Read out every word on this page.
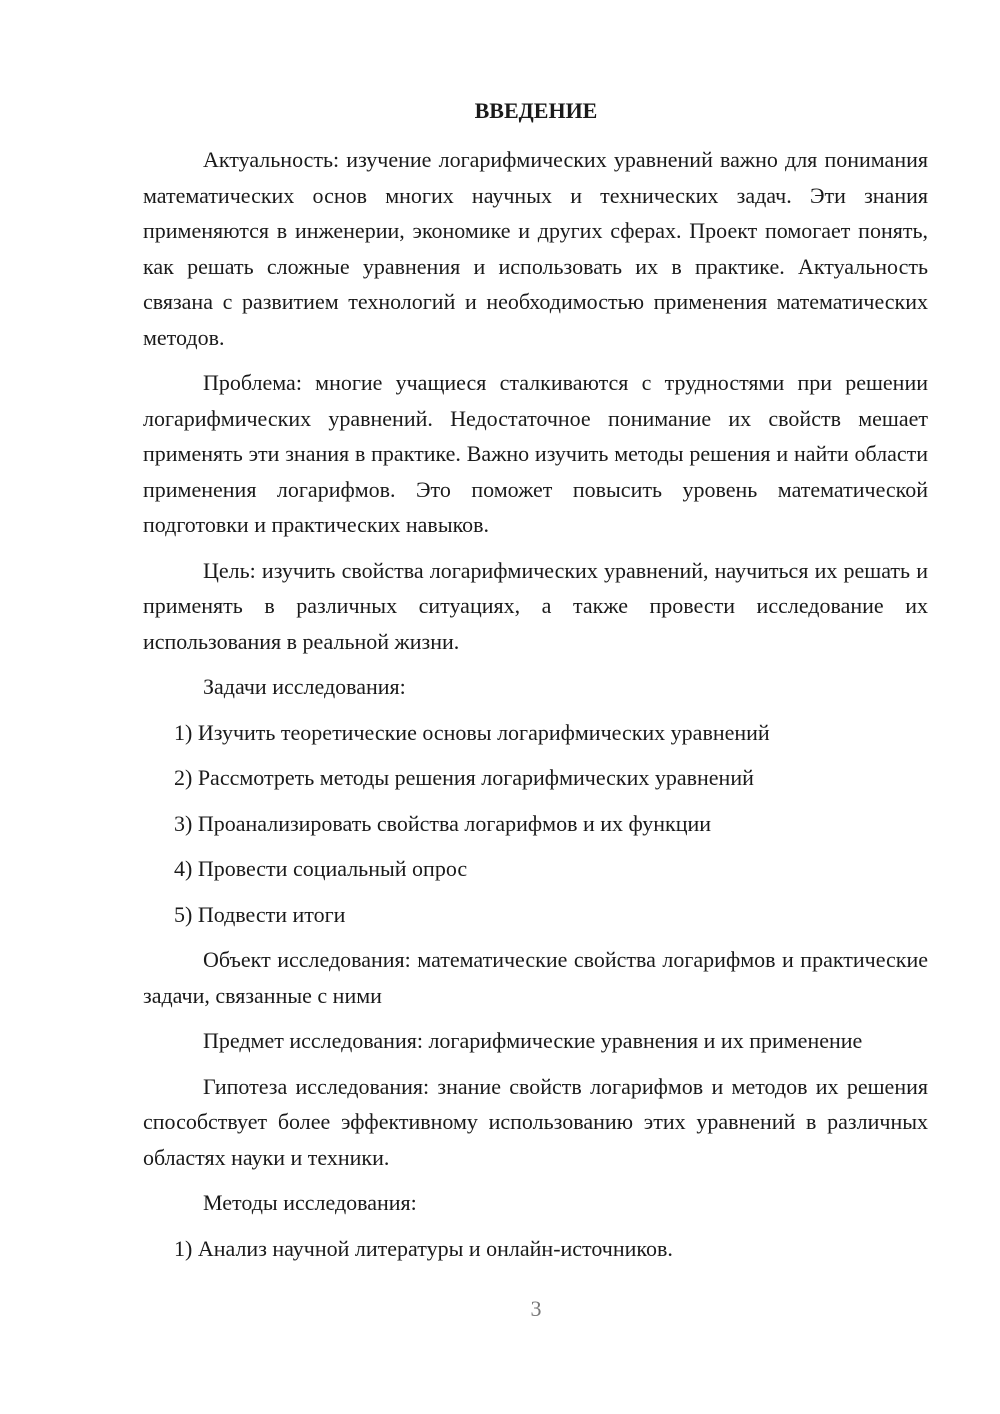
ВВЕДЕНИЕ

Актуальность: изучение логарифмических уравнений важно для понимания математических основ многих научных и технических задач. Эти знания применяются в инженерии, экономике и других сферах. Проект помогает понять, как решать сложные уравнения и использовать их в практике. Актуальность связана с развитием технологий и необходимостью применения математических методов.

Проблема: многие учащиеся сталкиваются с трудностями при решении логарифмических уравнений. Недостаточное понимание их свойств мешает применять эти знания в практике. Важно изучить методы решения и найти области применения логарифмов. Это поможет повысить уровень математической подготовки и практических навыков.

Цель: изучить свойства логарифмических уравнений, научиться их решать и применять в различных ситуациях, а также провести исследование их использования в реальной жизни.

Задачи исследования:

1) Изучить теоретические основы логарифмических уравнений

2) Рассмотреть методы решения логарифмических уравнений

3) Проанализировать свойства логарифмов и их функции

4) Провести социальный опрос

5) Подвести итоги

Объект исследования: математические свойства логарифмов и практические задачи, связанные с ними

Предмет исследования: логарифмические уравнения и их применение

Гипотеза исследования: знание свойств логарифмов и методов их решения способствует более эффективному использованию этих уравнений в различных областях науки и техники.

Методы исследования:

1) Анализ научной литературы и онлайн-источников.

3
